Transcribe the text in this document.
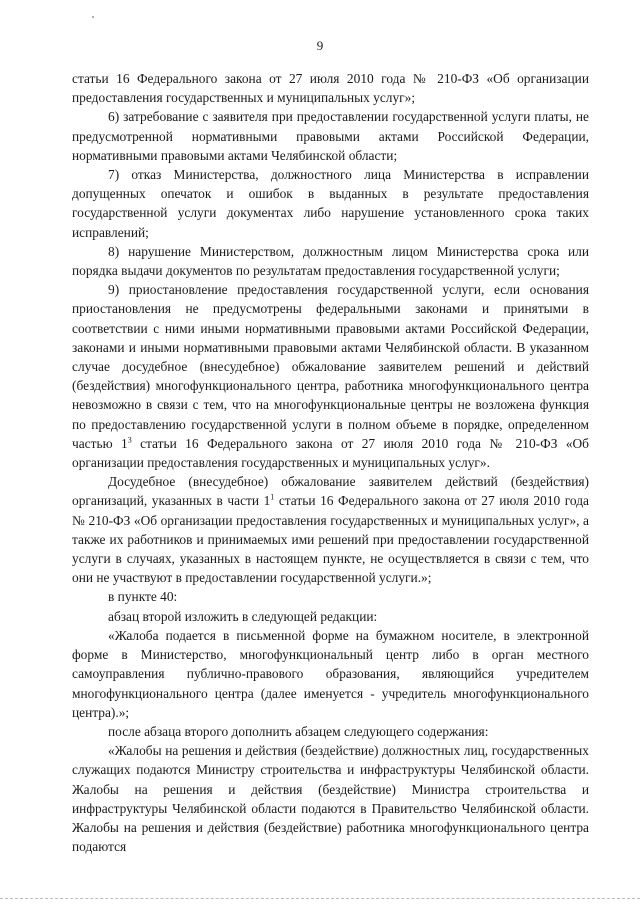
9

статьи 16 Федерального закона от 27 июля 2010 года № 210-ФЗ «Об организации предоставления государственных и муниципальных услуг»;

6) затребование с заявителя при предоставлении государственной услуги платы, не предусмотренной нормативными правовыми актами Российской Федерации, нормативными правовыми актами Челябинской области;

7) отказ Министерства, должностного лица Министерства в исправлении допущенных опечаток и ошибок в выданных в результате предоставления государственной услуги документах либо нарушение установленного срока таких исправлений;

8) нарушение Министерством, должностным лицом Министерства срока или порядка выдачи документов по результатам предоставления государственной услуги;

9) приостановление предоставления государственной услуги, если основания приостановления не предусмотрены федеральными законами и принятыми в соответствии с ними иными нормативными правовыми актами Российской Федерации, законами и иными нормативными правовыми актами Челябинской области. В указанном случае досудебное (внесудебное) обжалование заявителем решений и действий (бездействия) многофункционального центра, работника многофункционального центра невозможно в связи с тем, что на многофункциональные центры не возложена функция по предоставлению государственной услуги в полном объеме в порядке, определенном частью $1^3$ статьи 16 Федерального закона от 27 июля 2010 года № 210-ФЗ «Об организации предоставления государственных и муниципальных услуг».

Досудебное (внесудебное) обжалование заявителем действий (бездействия) организаций, указанных в части $1^1$ статьи 16 Федерального закона от 27 июля 2010 года № 210-ФЗ «Об организации предоставления государственных и муниципальных услуг», а также их работников и принимаемых ими решений при предоставлении государственной услуги в случаях, указанных в настоящем пункте, не осуществляется в связи с тем, что они не участвуют в предоставлении государственной услуги.»;

в пункте 40:

абзац второй изложить в следующей редакции:

«Жалоба подается в письменной форме на бумажном носителе, в электронной форме в Министерство, многофункциональный центр либо в орган местного самоуправления публично-правового образования, являющийся учредителем многофункционального центра (далее именуется - учредитель многофункционального центра).»;

после абзаца второго дополнить абзацем следующего содержания:

«Жалобы на решения и действия (бездействие) должностных лиц, государственных служащих подаются Министру строительства и инфраструктуры Челябинской области. Жалобы на решения и действия (бездействие) Министра строительства и инфраструктуры Челябинской области подаются в Правительство Челябинской области. Жалобы на решения и действия (бездействие) работника многофункционального центра подаются
